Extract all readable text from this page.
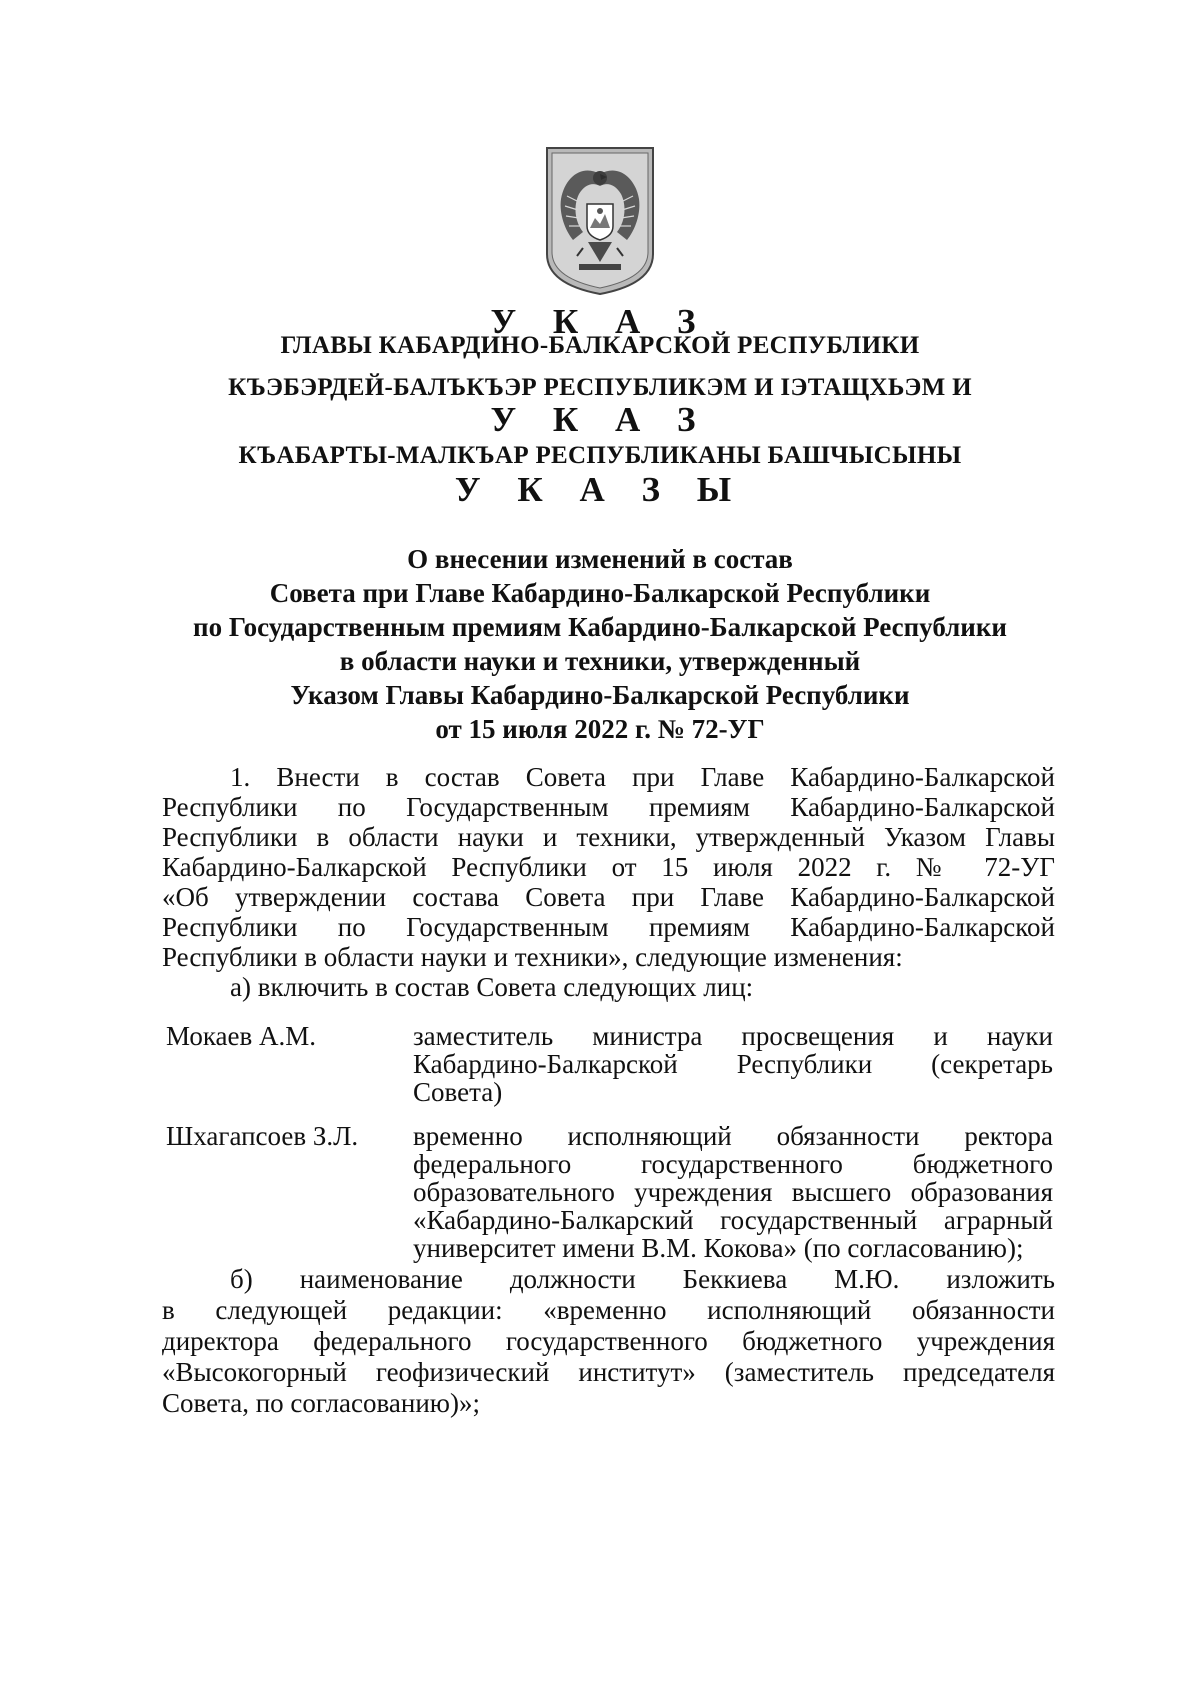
У К А З
ГЛАВЫ КАБАРДИНО-БАЛКАРСКОЙ РЕСПУБЛИКИ
КЪЭБЭРДЕЙ-БАЛЪКЪЭР РЕСПУБЛИКЭМ И IЭТАЩХЬЭМ И
У К А З
КЪАБАРТЫ-МАЛКЪАР РЕСПУБЛИКАНЫ БАШЧЫСЫНЫ
У К А З Ы
О внесении изменений в состав
Совета при Главе Кабардино-Балкарской Республики
по Государственным премиям Кабардино-Балкарской Республики
в области науки и техники, утвержденный
Указом Главы Кабардино-Балкарской Республики
от 15 июля 2022 г. № 72-УГ
1. Внести в состав Совета при Главе Кабардино-Балкарской
Республики по Государственным премиям Кабардино-Балкарской
Республики в области науки и техники, утвержденный Указом Главы
Кабардино-Балкарской Республики от 15 июля 2022 г. № 72-УГ
«Об утверждении состава Совета при Главе Кабардино-Балкарской
Республики по Государственным премиям Кабардино-Балкарской
Республики в области науки и техники», следующие изменения:
а) включить в состав Совета следующих лиц:
Мокаев А.М.	заместитель министра просвещения и науки
Кабардино-Балкарской Республики (секретарь
Совета)
Шхагапсоев З.Л. временно исполняющий обязанности ректора
федерального государственного бюджетного
образовательного учреждения высшего образования
«Кабардино-Балкарский государственный аграрный
университет имени В.М. Кокова» (по согласованию);
б) наименование должности Беккиева М.Ю. изложить
в следующей редакции: «временно исполняющий обязанности
директора федерального государственного бюджетного учреждения
«Высокогорный геофизический институт» (заместитель председателя
Совета, по согласованию)»;
